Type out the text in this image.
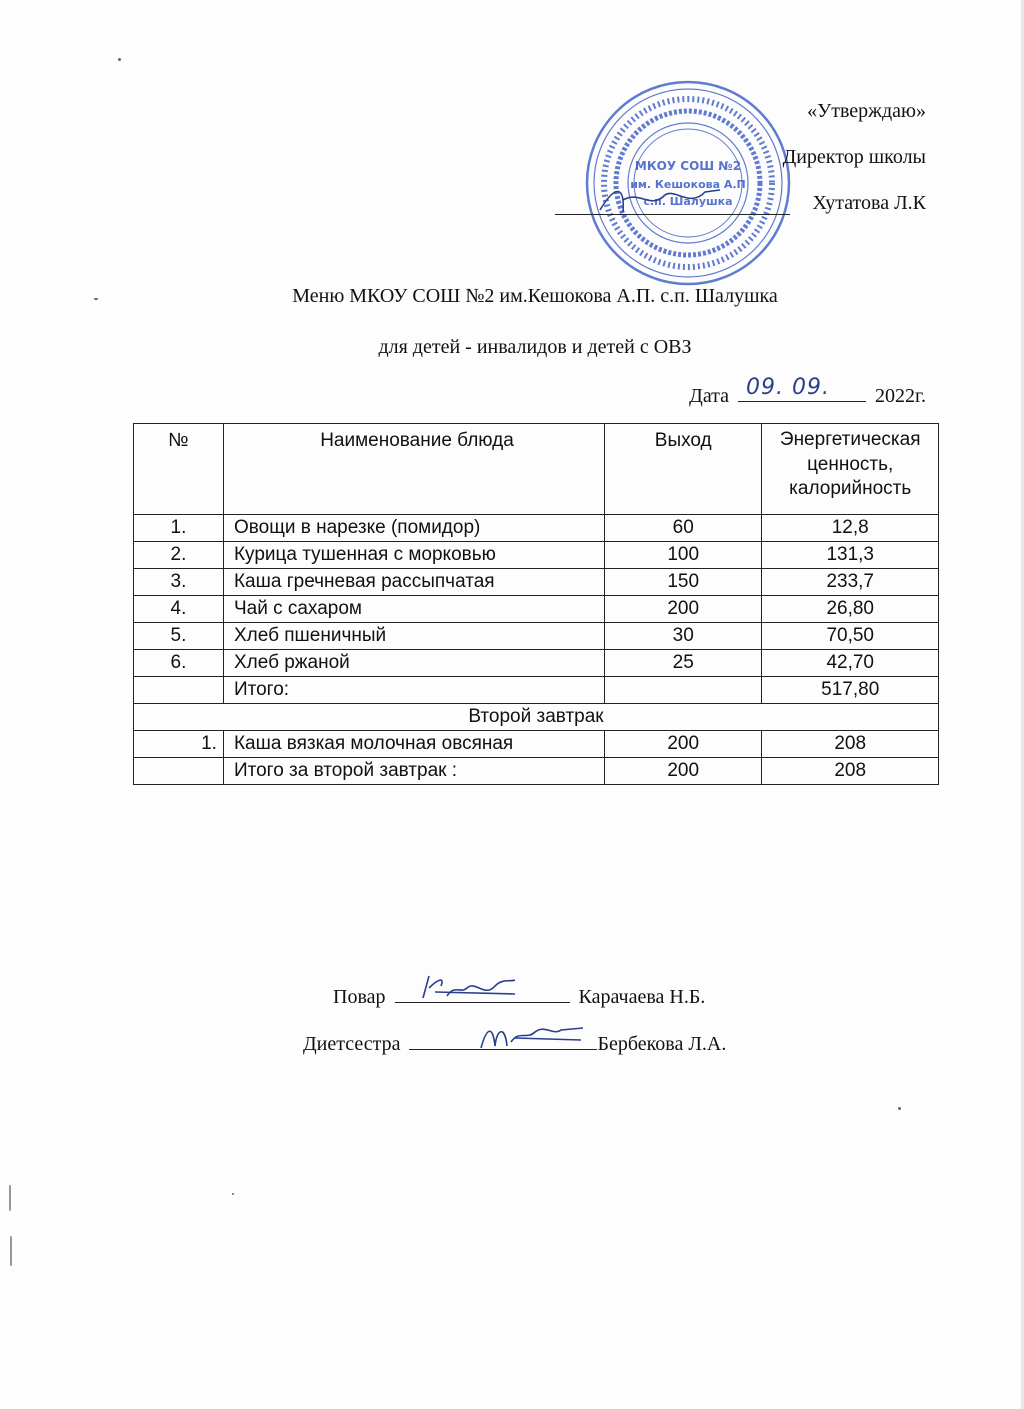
МКОУ СОШ №2
им. Кешокова А.П
с.п. Шалушка
«Утверждаю»
Директор школы
Хутатова Л.К
Меню МКОУ СОШ №2 им.Кешокова А.П. с.п. Шалушка
для детей - инвалидов и детей с ОВЗ
Дата 09. 09. 2022г.
№	Наименование блюда	Выход	Энергетическая
ценность,
калорийность
1.	Овощи в нарезке (помидор)	60	12,8
2.	Курица тушенная с морковью	100	131,3
3.	Каша гречневая рассыпчатая	150	233,7
4.	Чай с сахаром	200	26,80
5.	Хлеб пшеничный	30	70,50
6.	Хлеб ржаной	25	42,70
	Итого:		517,80
Второй завтрак			
1.	Каша вязкая молочная овсяная	200	208
	Итого за второй завтрак :	200	208
Повар	Карачаева Н.Б.
Диетсестра	Бербекова Л.А.
